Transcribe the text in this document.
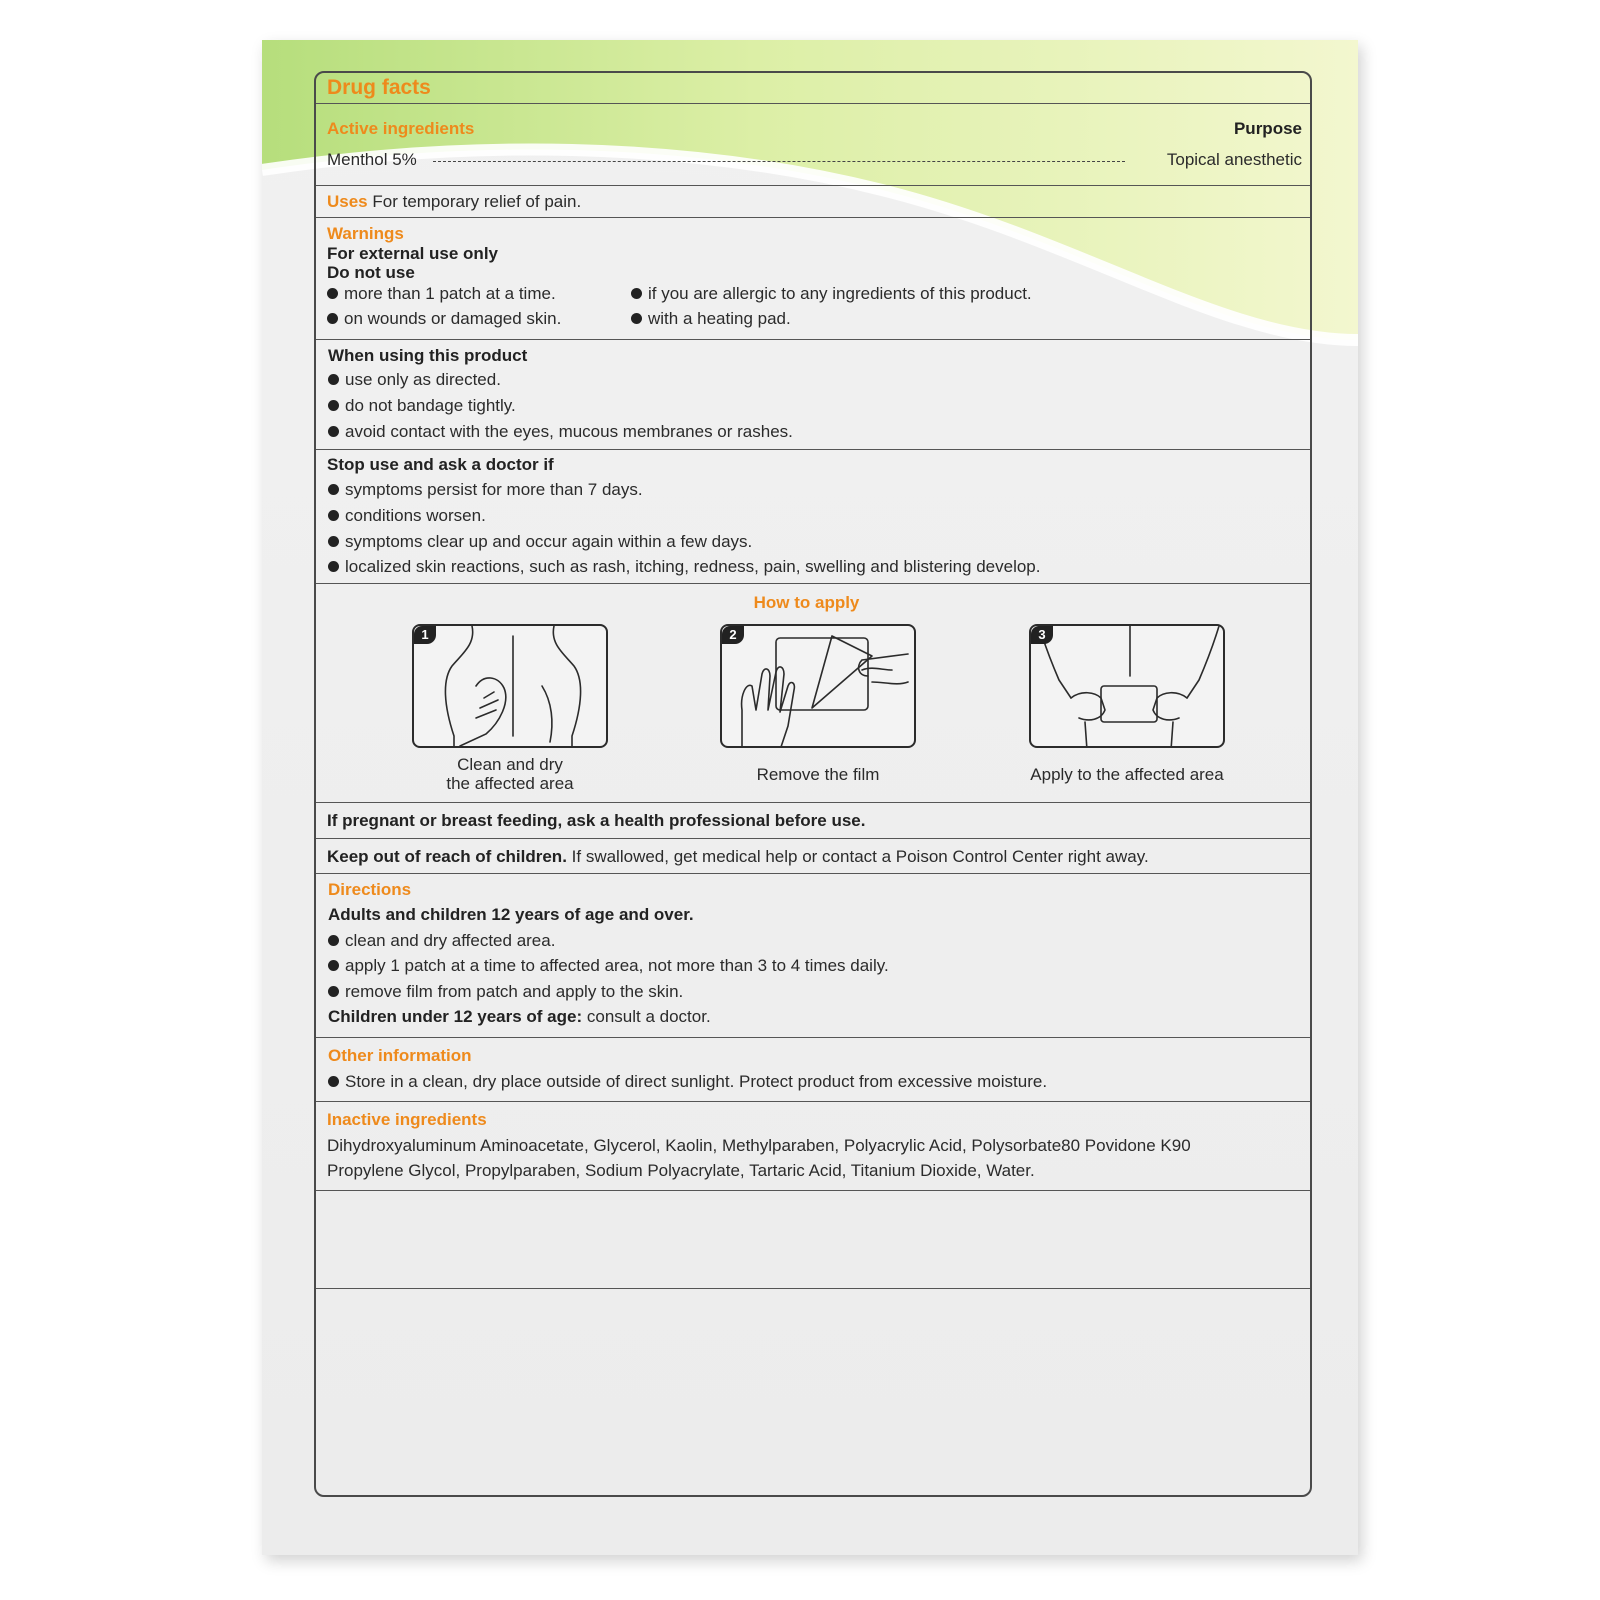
Drug facts
Active ingredients	Purpose
Menthol 5%	Topical anesthetic
Uses For temporary relief of pain.
Warnings
For external use only
Do not use
more than 1 patch at a time.
on wounds or damaged skin.
if you are allergic to any ingredients of this product.
with a heating pad.
When using this product
use only as directed.
do not bandage tightly.
avoid contact with the eyes, mucous membranes or rashes.
Stop use and ask a doctor if
symptoms persist for more than 7 days.
conditions worsen.
symptoms clear up and occur again within a few days.
localized skin reactions, such as rash, itching, redness, pain, swelling and blistering develop.
How to apply
1
Clean and dry
the affected area
2
Remove the film
3
Apply to the affected area
If pregnant or breast feeding, ask a health professional before use.
Keep out of reach of children. If swallowed, get medical help or contact a Poison Control Center right away.
Directions
Adults and children 12 years of age and over.
clean and dry affected area.
apply 1 patch at a time to affected area, not more than 3 to 4 times daily.
remove film from patch and apply to the skin.
Children under 12 years of age: consult a doctor.
Other information
Store in a clean, dry place outside of direct sunlight. Protect product from excessive moisture.
Inactive ingredients
Dihydroxyaluminum Aminoacetate, Glycerol, Kaolin, Methylparaben, Polyacrylic Acid, Polysorbate80 Povidone K90
Propylene Glycol, Propylparaben, Sodium Polyacrylate, Tartaric Acid, Titanium Dioxide, Water.
